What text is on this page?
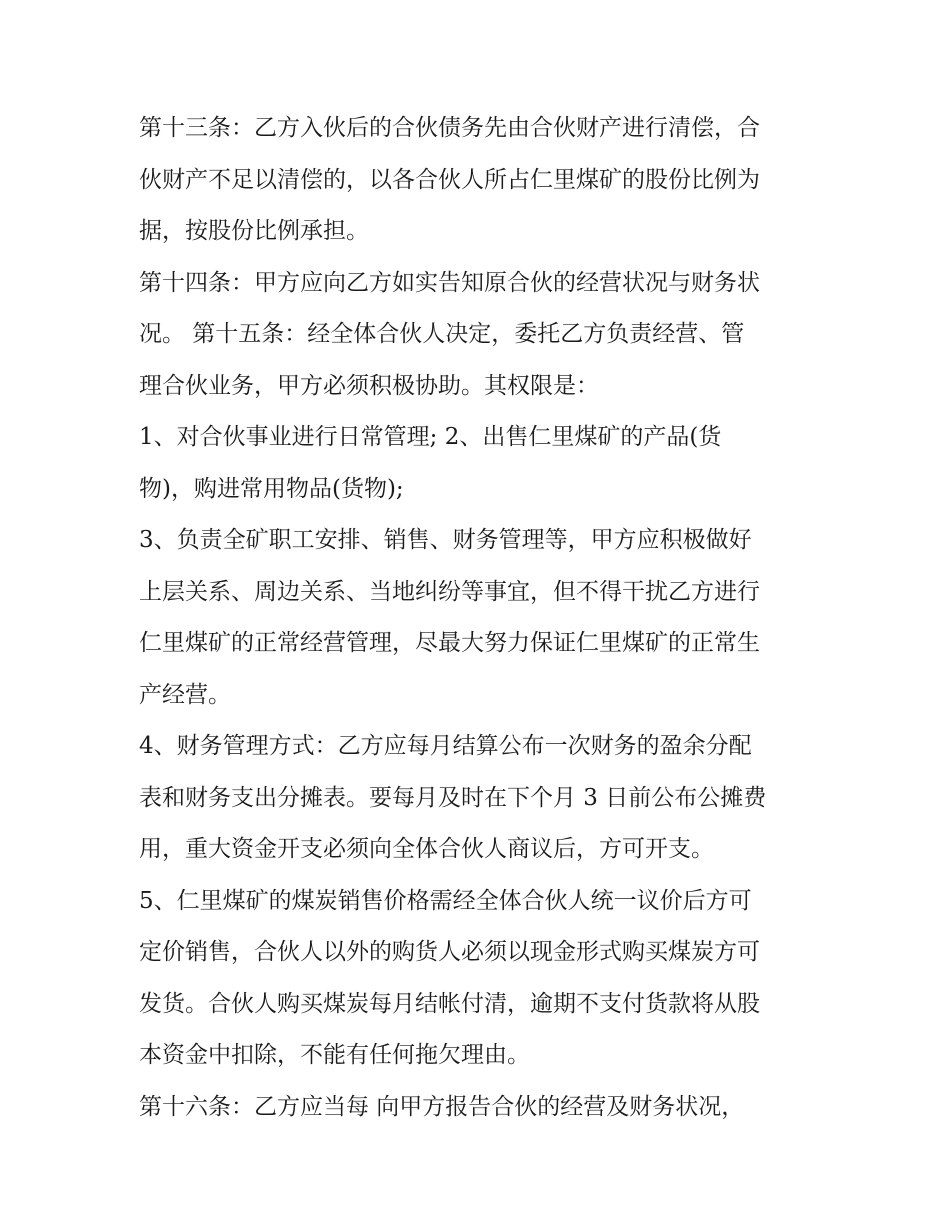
第十三条：乙方入伙后的合伙债务先由合伙财产进行清偿，合
伙财产不足以清偿的，以各合伙人所占仁里煤矿的股份比例为
据，按股份比例承担。
第十四条：甲方应向乙方如实告知原合伙的经营状况与财务状
况。 第十五条：经全体合伙人决定，委托乙方负责经营、管
理合伙业务，甲方必须积极协助。其权限是：
1、对合伙事业进行日常管理; 2、出售仁里煤矿的产品(货
物)，购进常用物品(货物);
3、负责全矿职工安排、销售、财务管理等，甲方应积极做好
上层关系、周边关系、当地纠纷等事宜，但不得干扰乙方进行
仁里煤矿的正常经营管理，尽最大努力保证仁里煤矿的正常生
产经营。
4、财务管理方式：乙方应每月结算公布一次财务的盈余分配
表和财务支出分摊表。要每月及时在下个月 3 日前公布公摊费
用，重大资金开支必须向全体合伙人商议后，方可开支。
5、仁里煤矿的煤炭销售价格需经全体合伙人统一议价后方可
定价销售，合伙人以外的购货人必须以现金形式购买煤炭方可
发货。合伙人购买煤炭每月结帐付清，逾期不支付货款将从股
本资金中扣除，不能有任何拖欠理由。
第十六条：乙方应当每 向甲方报告合伙的经营及财务状况，
